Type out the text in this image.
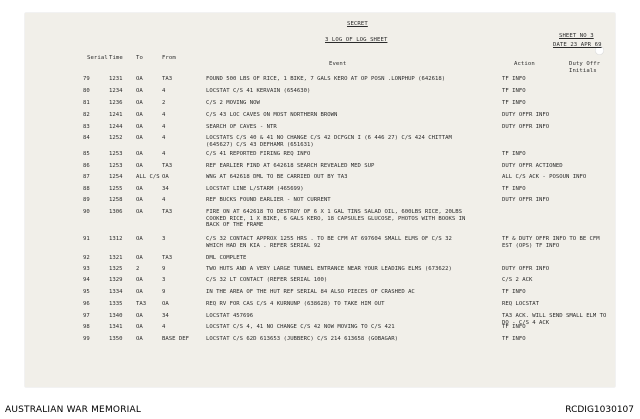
SECRET
3 LOG OF LOG SHEET
SHEET NO 3
DATE 23 APR 69
Serial Time To	From
Event	Action	Duty Offr
Initials
79	1231 OA	TA3	FOUND 500 LBS OF RICE, 1 BIKE, 7 GALS KERO AT OP POSN .LONPHUP (642618)	TF INFO
80	1234 OA	4	LOCSTAT C/S 41 KERVAIN (654630)	TF INFO
81	1236 OA	2	C/S 2 MOVING NOW	TF INFO
82	1241 OA	4	C/S 43 LOC CAVES ON MOST NORTHERN BROWN	DUTY OFFR INFO
83	1244 OA	4	SEARCH OF CAVES - NTR	DUTY OFFR INFO
84	1252 OA	4	LOCSTATS C/S 40 & 41 NO CHANGE C/S 42 DCFGCN I (6 446 27) C/S 424 CHITTAM (645627) C/S 43 DEFHAMR (651631)
85	1253 OA	4	C/S 41 REPORTED FIRING REQ INFO	TF INFO
86	1253 OA	TA3	REF EARLIER FIND AT 642618 SEARCH REVEALED MED SUP	DUTY OFFR ACTIONED
87	1254 ALL C/S OA	WNG AT 642618 DML TO BE CARRIED OUT BY TA3	ALL C/S ACK - POSOUN INFO
88	1255 OA	34	LOCSTAT LINE L/STARM (465699)	TF INFO
89	1258 OA	4	REF BUCKS FOUND EARLIER - NOT CURRENT	DUTY OFFR INFO
90	1306 OA	TA3	FIRE ON AT 642618 TO DESTROY OF 6 X 1 GAL TINS SALAD OIL, 600LBS RICE, 20LBS COOKED RICE, 1 X BIKE, 6 GALS KERO, 18 CAPSULES GLUCOSE, PHOTOS WITH BOOKS IN BACK OF THE FRAME
91	1312 OA	3	C/S 32 CONTACT APPROX 1255 HRS . TO BE CFM AT 697604 SMALL ELMS OF C/S 32 WHICH HAD EN KIA . REFER SERIAL 92
TF & DUTY OFFR INFO TO BE CFM EST (OPS) TF INFO
92	1321 OA	TA3	DML COMPLETE
93	1325 2	9	TWO HUTS AND A VERY LARGE TUNNEL ENTRANCE NEAR YOUR LEADING ELMS (673622)	DUTY OFFR INFO
94	1329 OA	3	C/S 32 LT CONTACT (REFER SERIAL 100)	C/S 2 ACK
95	1334 OA	9	IN THE AREA OF THE HUT REF SERIAL 84 ALSO PIECES OF CRASHED AC	TF INFO
96	1335 TA3	OA	REQ RV FOR CAS C/S 4 KURNUNP (638628) TO TAKE HIM OUT	REQ LOCSTAT
97	1340 OA	34	LOCSTAT 457696	TA3 ACK. WILL SEND SMALL ELM TO DO - C/S 4 ACK
98	1341 OA	4	LOCSTAT C/S 4, 41 NO CHANGE C/S 42 NOW MOVING TO C/S 421	TF INFO
99	1350 OA	BASE DEF	LOCSTAT C/S 62D 613653 (JUBBERC) C/S 214 613658 (GOBAGAR)	TF INFO
AUSTRALIAN WAR MEMORIAL	RCDIG1030107
